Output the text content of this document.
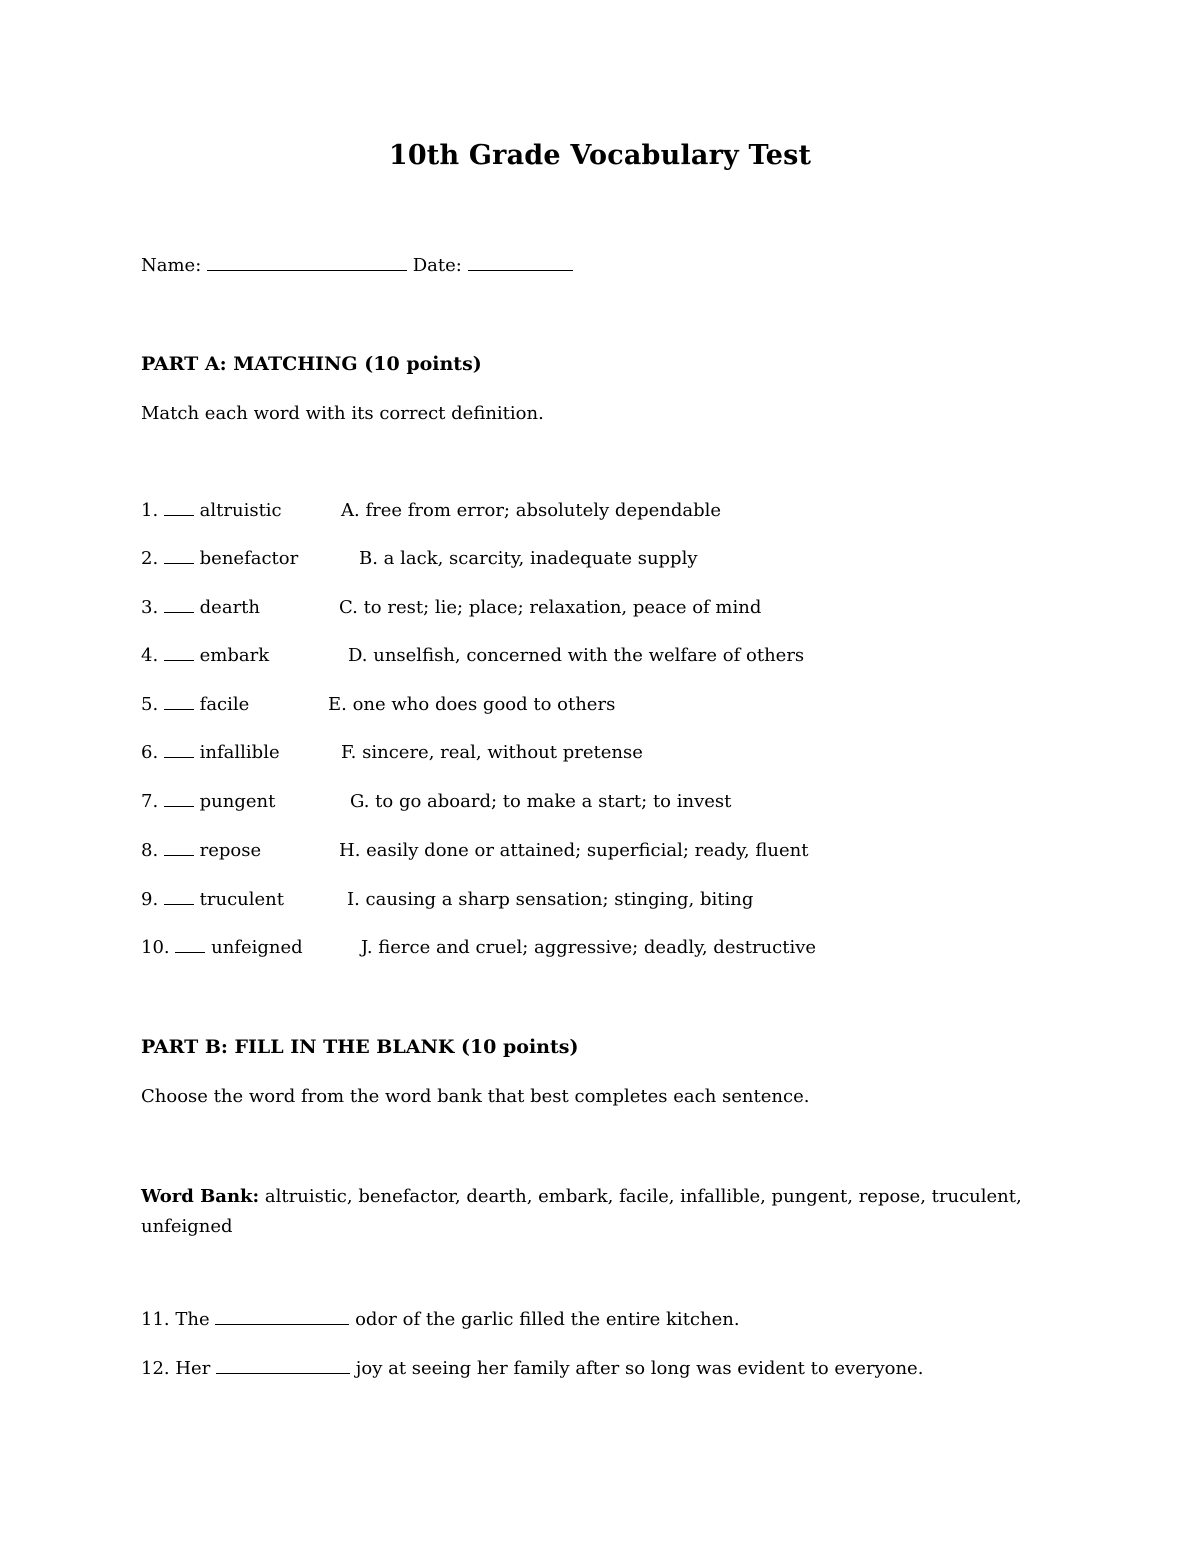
10th Grade Vocabulary Test
Name:	Date:
PART A: MATCHING (10 points)
Match each word with its correct definition.
1. altruistic	A. free from error; absolutely dependable
2. benefactor	B. a lack, scarcity, inadequate supply
3. dearth	C. to rest; lie; place; relaxation, peace of mind
4. embark	D. unselfish, concerned with the welfare of others
5. facile	E. one who does good to others
6. infallible	F. sincere, real, without pretense
7. pungent	G. to go aboard; to make a start; to invest
8. repose	H. easily done or attained; superficial; ready, fluent
9. truculent	I. causing a sharp sensation; stinging, biting
10. unfeigned	J. fierce and cruel; aggressive; deadly, destructive
PART B: FILL IN THE BLANK (10 points)
Choose the word from the word bank that best completes each sentence.
Word Bank: altruistic, benefactor, dearth, embark, facile, infallible, pungent, repose, truculent, unfeigned
11. The	odor of the garlic filled the entire kitchen.
12. Her	joy at seeing her family after so long was evident to everyone.
